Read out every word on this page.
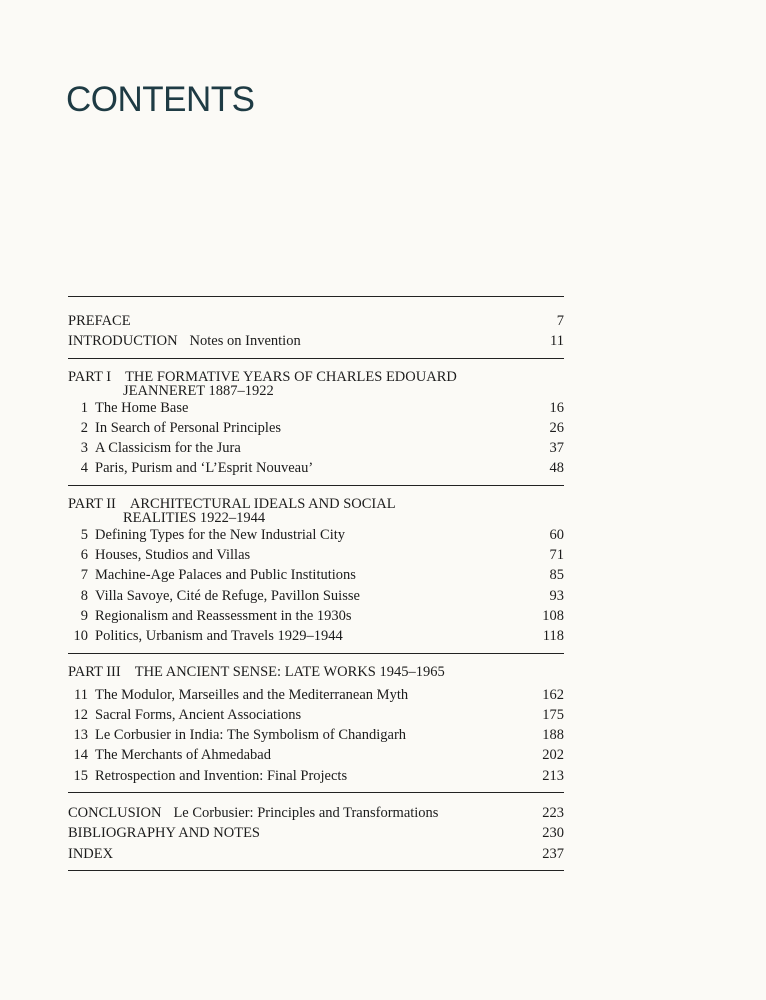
CONTENTS
PREFACE	7
INTRODUCTION Notes on Invention	11
PART I THE FORMATIVE YEARS OF CHARLES EDOUARD
JEANNERET 1887–1922
1 The Home Base	16
2 In Search of Personal Principles	26
3 A Classicism for the Jura	37
4 Paris, Purism and ‘L’Esprit Nouveau’	48
PART II ARCHITECTURAL IDEALS AND SOCIAL
REALITIES 1922–1944
5 Defining Types for the New Industrial City	60
6 Houses, Studios and Villas	71
7 Machine-Age Palaces and Public Institutions	85
8 Villa Savoye, Cité de Refuge, Pavillon Suisse	93
9 Regionalism and Reassessment in the 1930s	108
10 Politics, Urbanism and Travels 1929–1944	118
PART III THE ANCIENT SENSE: LATE WORKS 1945–1965
11 The Modulor, Marseilles and the Mediterranean Myth	162
12 Sacral Forms, Ancient Associations	175
13 Le Corbusier in India: The Symbolism of Chandigarh	188
14 The Merchants of Ahmedabad	202
15 Retrospection and Invention: Final Projects	213
CONCLUSION Le Corbusier: Principles and Transformations	223
BIBLIOGRAPHY AND NOTES	230
INDEX	237
